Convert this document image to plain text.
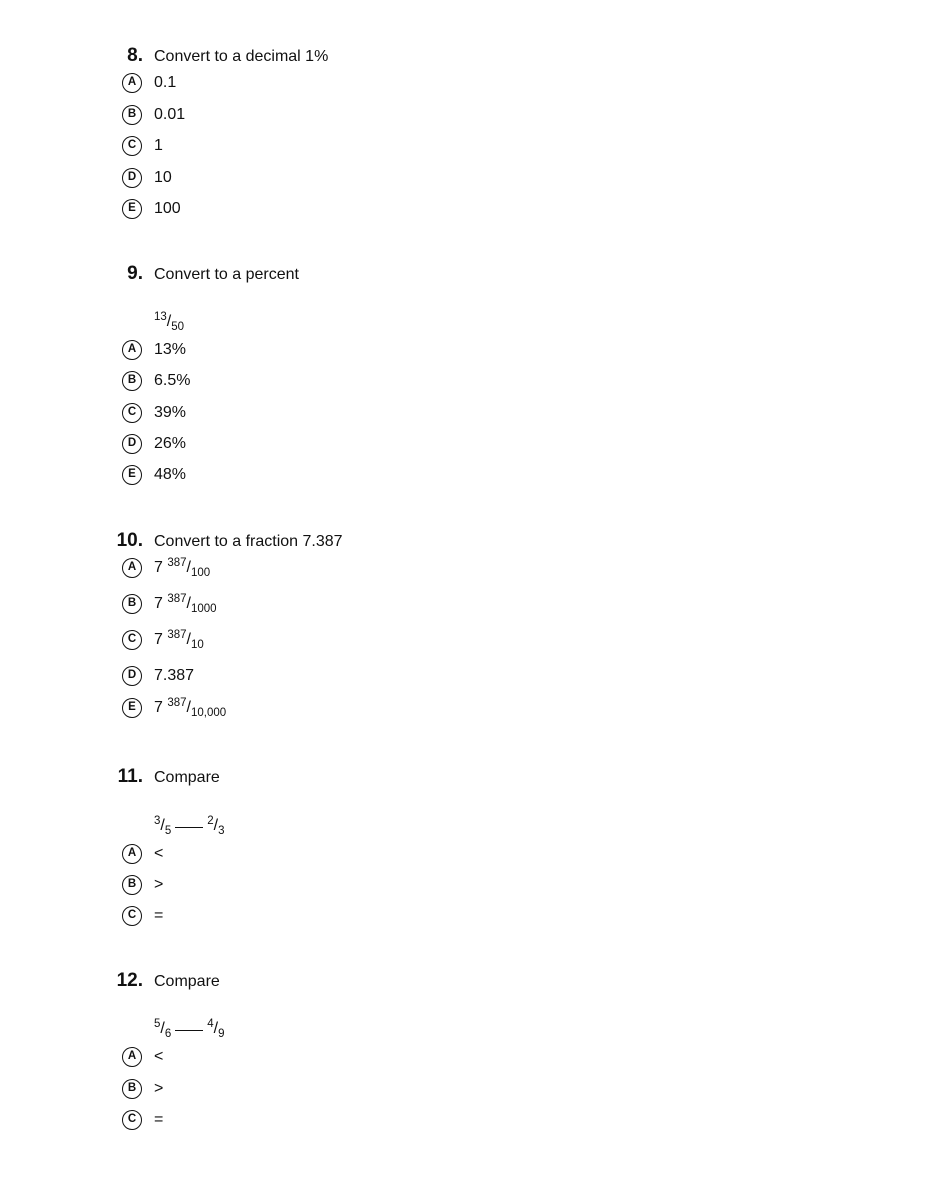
8. Convert to a decimal 1%
A	0.1
B	0.01
C	1
D	10
E	100
9. Convert to a percent
$^{13}/_{50}$
A	13%
B	6.5%
C	39%
D	26%
E	48%
10. Convert to a fraction 7.387
A	7 $^{387}/_{100}$
B	7 $^{387}/_{1000}$
C	7 $^{387}/_{10}$
D	7.387
E	7 $^{387}/_{10,000}$
11. Compare
$^3/_5^2/_3$
A	<
B	>
C	=
12. Compare
$^5/_6^4/_9$
A	<
B	>
C	=
